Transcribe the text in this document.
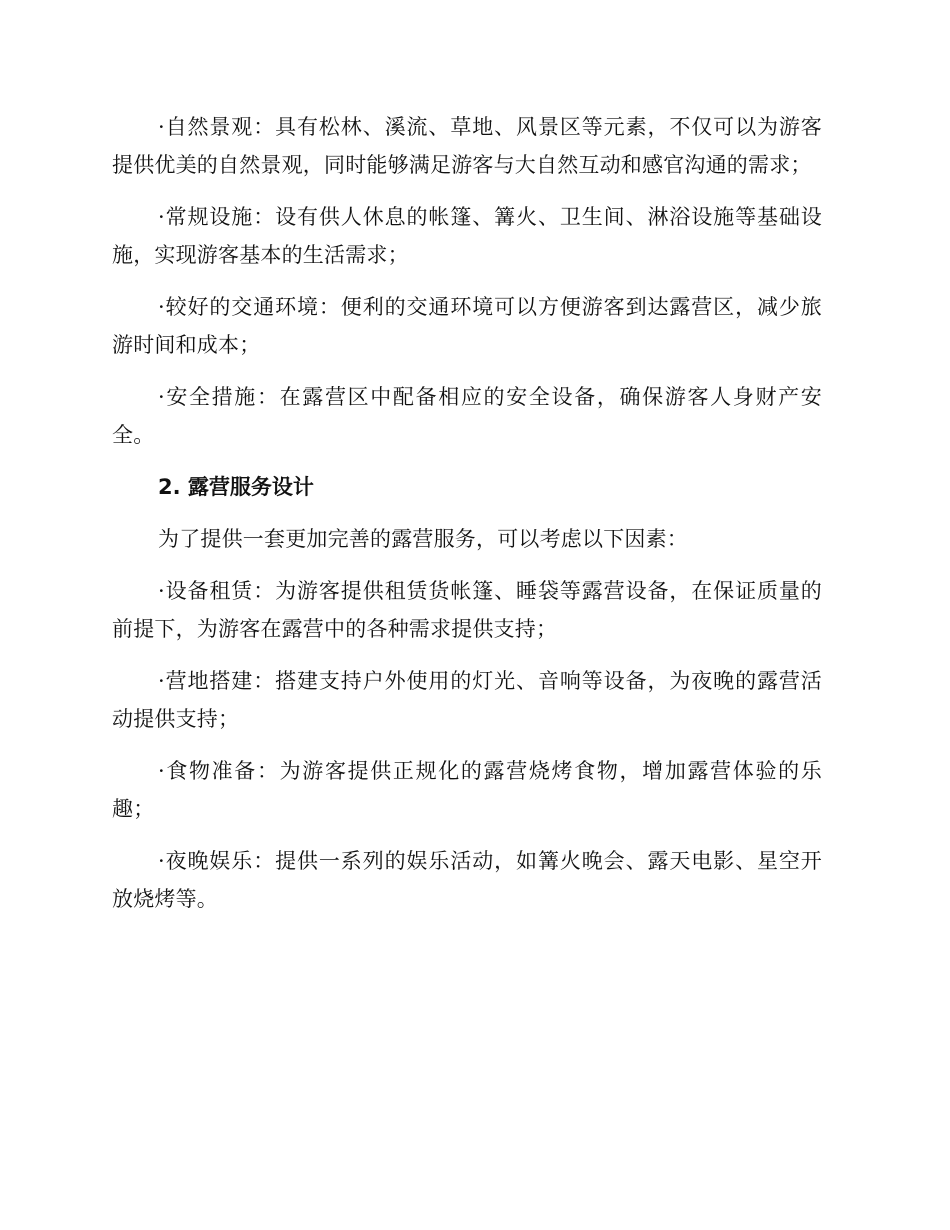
·自然景观：具有松林、溪流、草地、风景区等元素，不仅可以为游客提供优美的自然景观，同时能够满足游客与大自然互动和感官沟通的需求；

·常规设施：设有供人休息的帐篷、篝火、卫生间、淋浴设施等基础设施，实现游客基本的生活需求；

·较好的交通环境：便利的交通环境可以方便游客到达露营区，减少旅游时间和成本；

·安全措施：在露营区中配备相应的安全设备，确保游客人身财产安全。

2. 露营服务设计

为了提供一套更加完善的露营服务，可以考虑以下因素：

·设备租赁：为游客提供租赁货帐篷、睡袋等露营设备，在保证质量的前提下，为游客在露营中的各种需求提供支持；

·营地搭建：搭建支持户外使用的灯光、音响等设备，为夜晚的露营活动提供支持；

·食物准备：为游客提供正规化的露营烧烤食物，增加露营体验的乐趣；

·夜晚娱乐：提供一系列的娱乐活动，如篝火晚会、露天电影、星空开放烧烤等。
